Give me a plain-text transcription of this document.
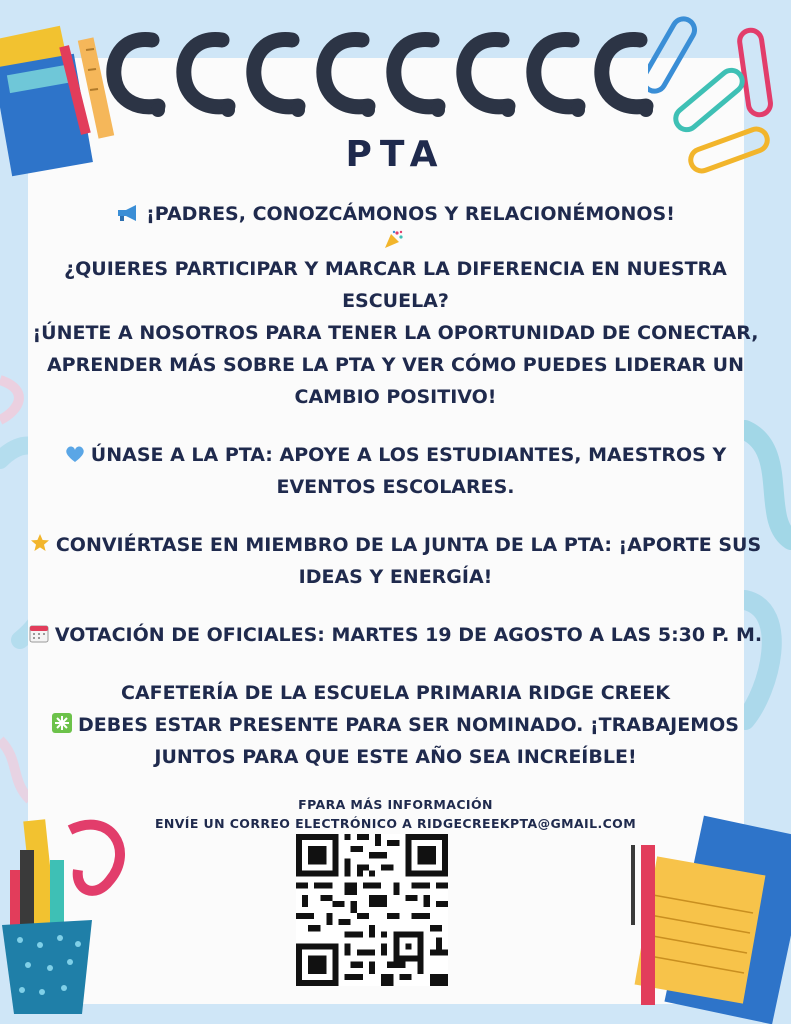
PTA

¡PADRES, CONOZCÁMONOS Y RELACIONÉMONOS!

¿QUIERES PARTICIPAR Y MARCAR LA DIFERENCIA EN NUESTRA

ESCUELA?

¡ÚNETE A NOSOTROS PARA TENER LA OPORTUNIDAD DE CONECTAR,

APRENDER MÁS SOBRE LA PTA Y VER CÓMO PUEDES LIDERAR UN

CAMBIO POSITIVO!

ÚNASE A LA PTA: APOYE A LOS ESTUDIANTES, MAESTROS Y

EVENTOS ESCOLARES.

CONVIÉRTASE EN MIEMBRO DE LA JUNTA DE LA PTA: ¡APORTE SUS

IDEAS Y ENERGÍA!

VOTACIÓN DE OFICIALES: MARTES 19 DE AGOSTO A LAS 5:30 P. M.

CAFETERÍA DE LA ESCUELA PRIMARIA RIDGE CREEK

DEBES ESTAR PRESENTE PARA SER NOMINADO. ¡TRABAJEMOS

JUNTOS PARA QUE ESTE AÑO SEA INCREÍBLE!

FPARA MÁS INFORMACIÓN

ENVÍE UN CORREO ELECTRÓNICO A RIDGECREEKPTA@GMAIL.COM
